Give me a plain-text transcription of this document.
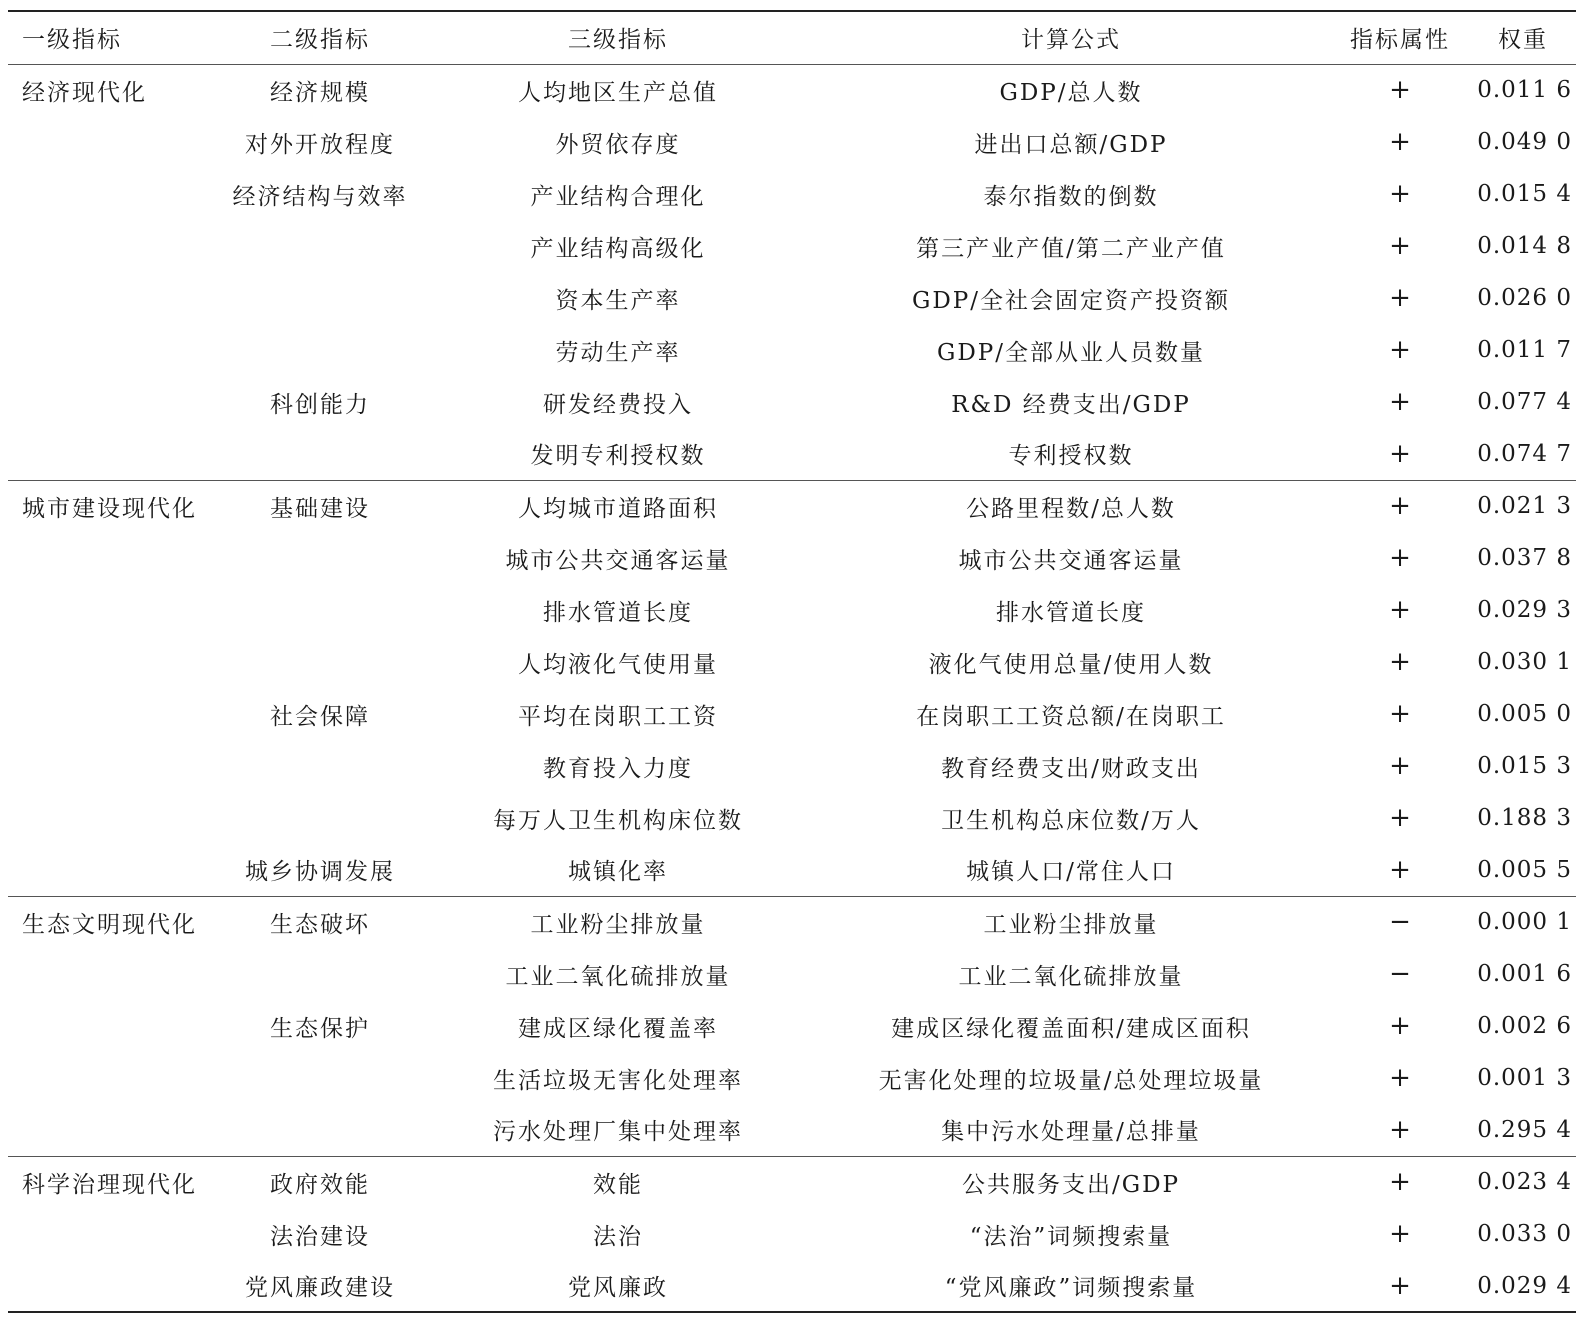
一级指标	二级指标	三级指标	计算公式	指标属性	权重
经济现代化	经济规模	人均地区生产总值	GDP/总人数	+	0.011 6
	对外开放程度	外贸依存度	进出口总额/GDP	+	0.049 0
	经济结构与效率	产业结构合理化	泰尔指数的倒数	+	0.015 4
		产业结构高级化	第三产业产值/第二产业产值	+	0.014 8
		资本生产率	GDP/全社会固定资产投资额	+	0.026 0
		劳动生产率	GDP/全部从业人员数量	+	0.011 7
	科创能力	研发经费投入	R&D 经费支出/GDP	+	0.077 4
		发明专利授权数	专利授权数	+	0.074 7
城市建设现代化	基础建设	人均城市道路面积	公路里程数/总人数	+	0.021 3
		城市公共交通客运量	城市公共交通客运量	+	0.037 8
		排水管道长度	排水管道长度	+	0.029 3
		人均液化气使用量	液化气使用总量/使用人数	+	0.030 1
	社会保障	平均在岗职工工资	在岗职工工资总额/在岗职工	+	0.005 0
		教育投入力度	教育经费支出/财政支出	+	0.015 3
		每万人卫生机构床位数	卫生机构总床位数/万人	+	0.188 3
	城乡协调发展	城镇化率	城镇人口/常住人口	+	0.005 5
生态文明现代化	生态破坏	工业粉尘排放量	工业粉尘排放量	−	0.000 1
		工业二氧化硫排放量	工业二氧化硫排放量	−	0.001 6
	生态保护	建成区绿化覆盖率	建成区绿化覆盖面积/建成区面积	+	0.002 6
		生活垃圾无害化处理率	无害化处理的垃圾量/总处理垃圾量	+	0.001 3
		污水处理厂集中处理率	集中污水处理量/总排量	+	0.295 4
科学治理现代化	政府效能	效能	公共服务支出/GDP	+	0.023 4
	法治建设	法治	“法治”词频搜索量	+	0.033 0
	党风廉政建设	党风廉政	“党风廉政”词频搜索量	+	0.029 4
